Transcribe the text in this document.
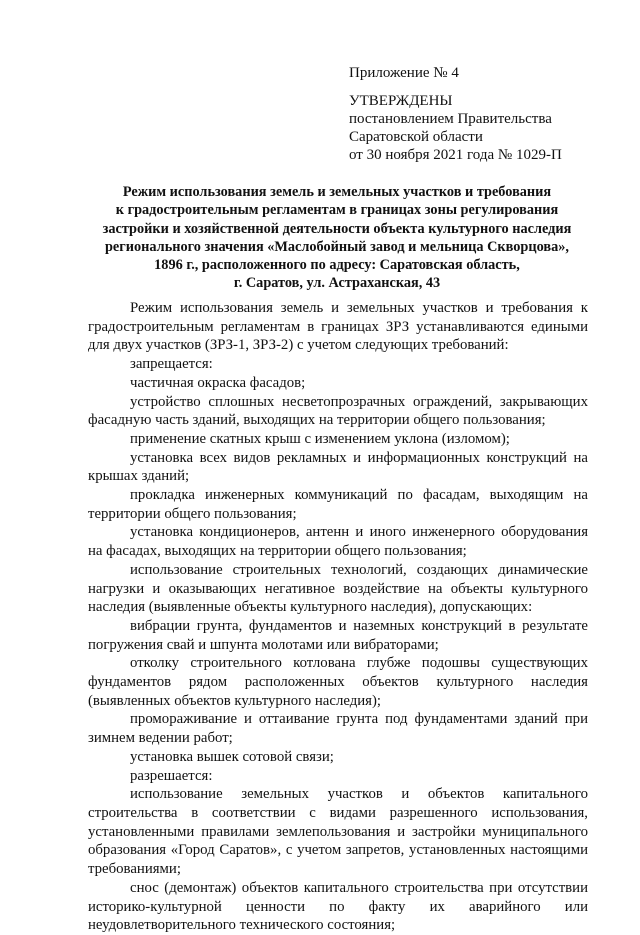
Приложение № 4
УТВЕРЖДЕНЫ
постановлением Правительства
Саратовской области
от 30 ноября 2021 года № 1029-П
Режим использования земель и земельных участков и требования
к градостроительным регламентам в границах зоны регулирования
застройки и хозяйственной деятельности объекта культурного наследия
регионального значения «Маслобойный завод и мельница Скворцова»,
1896 г., расположенного по адресу: Саратовская область,
г. Саратов, ул. Астраханская, 43

Режим использования земель и земельных участков и требования к градостроительным регламентам в границах ЗРЗ устанавливаются едиными для двух участков (ЗРЗ-1, ЗРЗ-2) с учетом следующих требований:

запрещается:

частичная окраска фасадов;

устройство сплошных несветопрозрачных ограждений, закрывающих фасадную часть зданий, выходящих на территории общего пользования;

применение скатных крыш с изменением уклона (изломом);

установка всех видов рекламных и информационных конструкций на крышах зданий;

прокладка инженерных коммуникаций по фасадам, выходящим на территории общего пользования;

установка кондиционеров, антенн и иного инженерного оборудования на фасадах, выходящих на территории общего пользования;

использование строительных технологий, создающих динамические нагрузки и оказывающих негативное воздействие на объекты культурного наследия (выявленные объекты культурного наследия), допускающих:

вибрации грунта, фундаментов и наземных конструкций в результате погружения свай и шпунта молотами или вибраторами;

отколку строительного котлована глубже подошвы существующих фундаментов рядом расположенных объектов культурного наследия (выявленных объектов культурного наследия);

промораживание и оттаивание грунта под фундаментами зданий при зимнем ведении работ;

установка вышек сотовой связи;

разрешается:

использование земельных участков и объектов капитального строительства в соответствии с видами разрешенного использования, установленными правилами землепользования и застройки муниципального образования «Город Саратов», с учетом запретов, установленных настоящими требованиями;

снос (демонтаж) объектов капитального строительства при отсутствии историко-культурной ценности по факту их аварийного или неудовлетворительного технического состояния;
